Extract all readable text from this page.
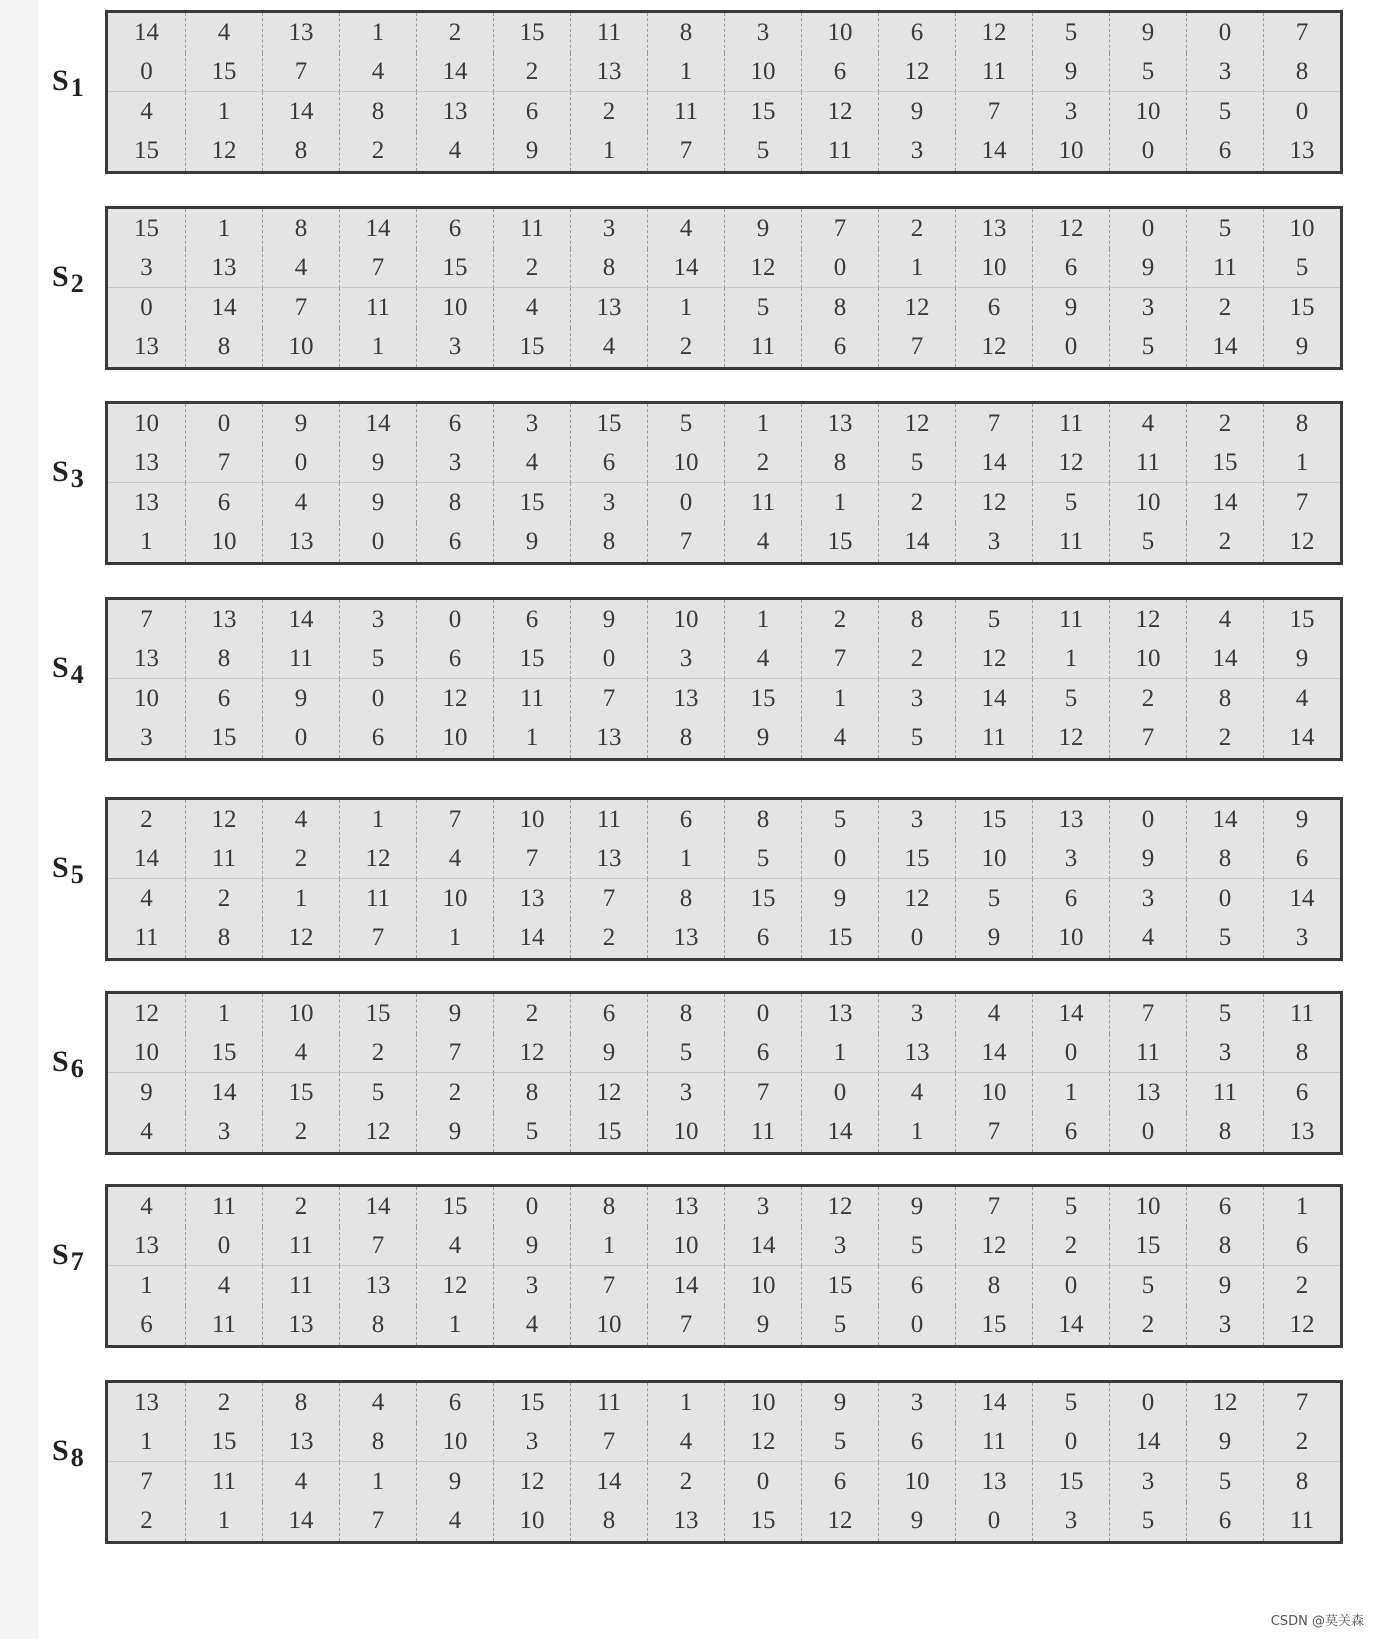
S1
14	4	13	1	2	15	11	8	3	10	6	12	5	9	0	7
0	15	7	4	14	2	13	1	10	6	12	11	9	5	3	8
4	1	14	8	13	6	2	11	15	12	9	7	3	10	5	0
15	12	8	2	4	9	1	7	5	11	3	14	10	0	6	13
S2
15	1	8	14	6	11	3	4	9	7	2	13	12	0	5	10
3	13	4	7	15	2	8	14	12	0	1	10	6	9	11	5
0	14	7	11	10	4	13	1	5	8	12	6	9	3	2	15
13	8	10	1	3	15	4	2	11	6	7	12	0	5	14	9
S3
10	0	9	14	6	3	15	5	1	13	12	7	11	4	2	8
13	7	0	9	3	4	6	10	2	8	5	14	12	11	15	1
13	6	4	9	8	15	3	0	11	1	2	12	5	10	14	7
1	10	13	0	6	9	8	7	4	15	14	3	11	5	2	12
S4
7	13	14	3	0	6	9	10	1	2	8	5	11	12	4	15
13	8	11	5	6	15	0	3	4	7	2	12	1	10	14	9
10	6	9	0	12	11	7	13	15	1	3	14	5	2	8	4
3	15	0	6	10	1	13	8	9	4	5	11	12	7	2	14
S5
2	12	4	1	7	10	11	6	8	5	3	15	13	0	14	9
14	11	2	12	4	7	13	1	5	0	15	10	3	9	8	6
4	2	1	11	10	13	7	8	15	9	12	5	6	3	0	14
11	8	12	7	1	14	2	13	6	15	0	9	10	4	5	3
S6
12	1	10	15	9	2	6	8	0	13	3	4	14	7	5	11
10	15	4	2	7	12	9	5	6	1	13	14	0	11	3	8
9	14	15	5	2	8	12	3	7	0	4	10	1	13	11	6
4	3	2	12	9	5	15	10	11	14	1	7	6	0	8	13
S7
4	11	2	14	15	0	8	13	3	12	9	7	5	10	6	1
13	0	11	7	4	9	1	10	14	3	5	12	2	15	8	6
1	4	11	13	12	3	7	14	10	15	6	8	0	5	9	2
6	11	13	8	1	4	10	7	9	5	0	15	14	2	3	12
S8
13	2	8	4	6	15	11	1	10	9	3	14	5	0	12	7
1	15	13	8	10	3	7	4	12	5	6	11	0	14	9	2
7	11	4	1	9	12	14	2	0	6	10	13	15	3	5	8
2	1	14	7	4	10	8	13	15	12	9	0	3	5	6	11
CSDN @莫关森
